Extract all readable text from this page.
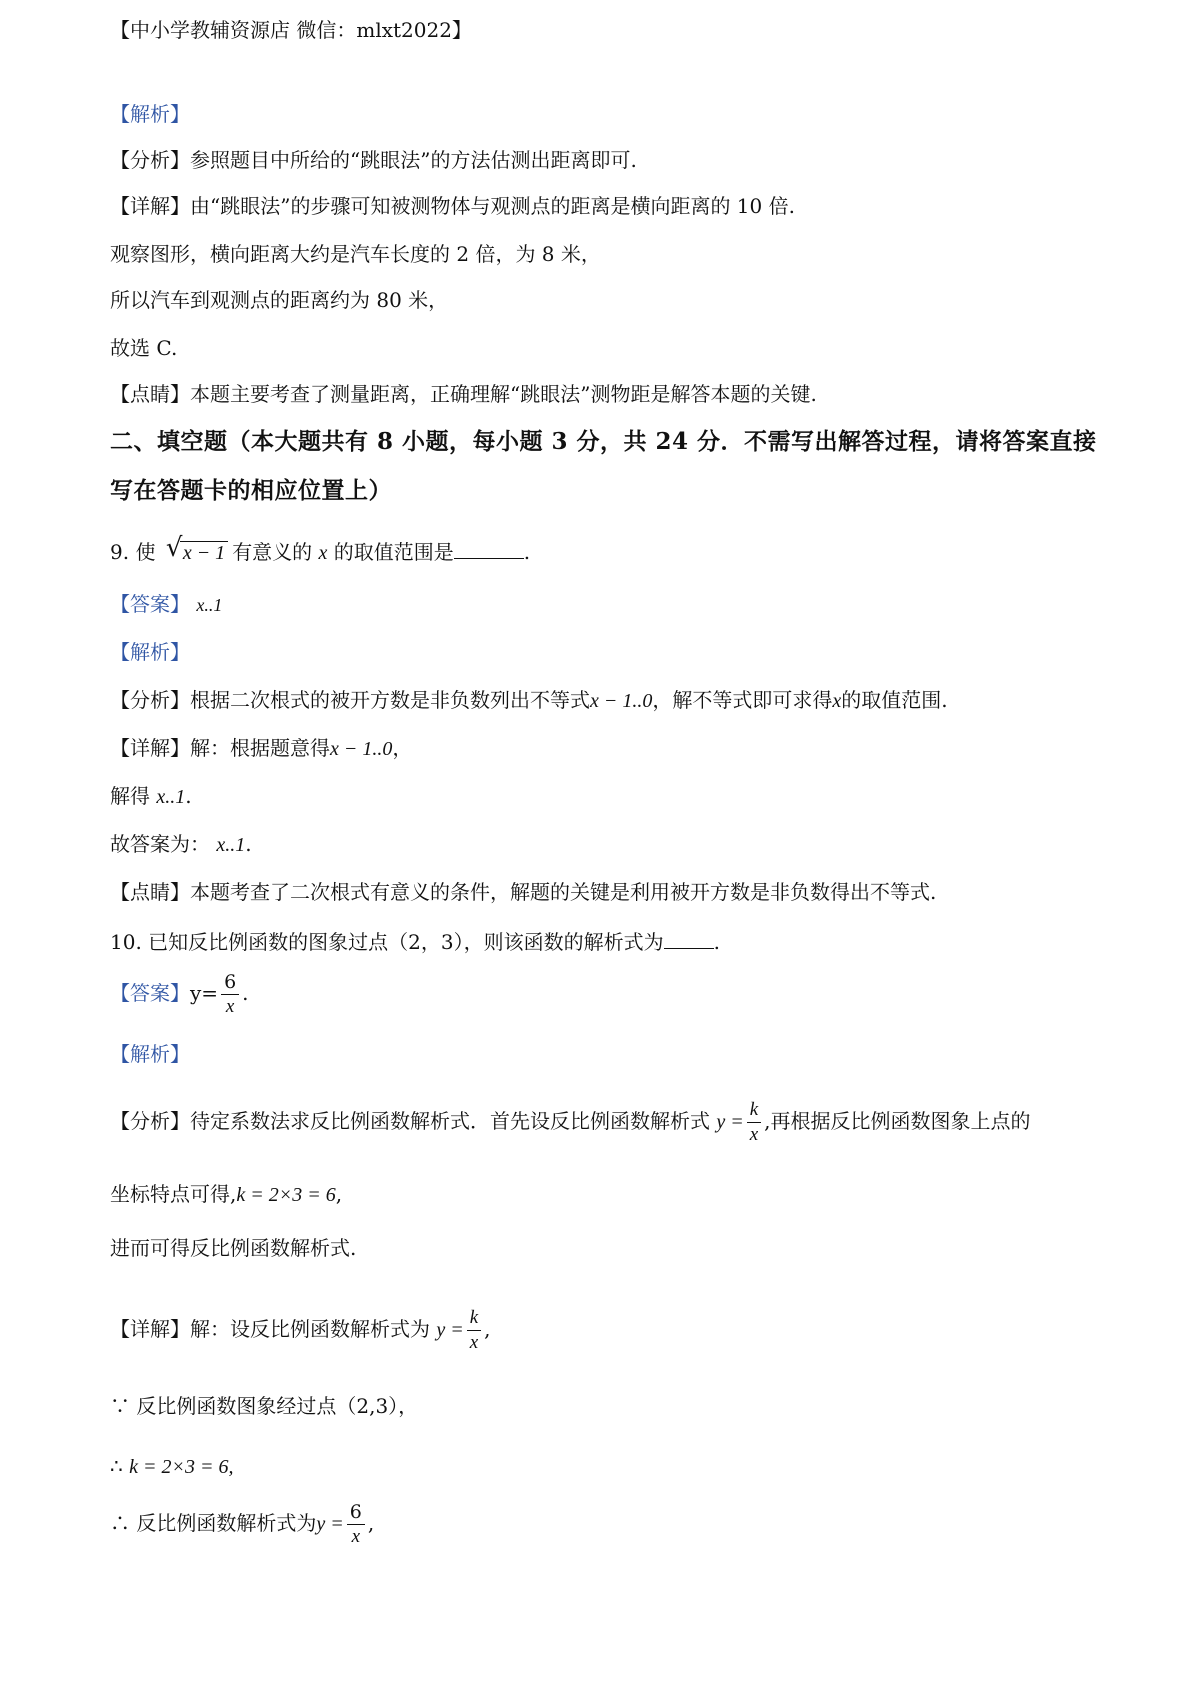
【中小学教辅资源店 微信：mlxt2022】
【解析】
【分析】参照题目中所给的“跳眼法”的方法估测出距离即可.
【详解】由“跳眼法”的步骤可知被测物体与观测点的距离是横向距离的 10 倍.
观察图形，横向距离大约是汽车长度的 2 倍，为 8 米，
所以汽车到观测点的距离约为 80 米，
故选 C.
【点睛】本题主要考查了测量距离，正确理解“跳眼法”测物距是解答本题的关键.
二、填空题（本大题共有 8 小题，每小题 3 分，共 24 分．不需写出解答过程，请将答案直接
写在答题卡的相应位置上）
9. 使 √ x − 1 有意义的 x 的取值范围是	.
【答案】 x..1
【解析】
【分析】根据二次根式的被开方数是非负数列出不等式x − 1..0，解不等式即可求得x的取值范围.
【详解】解：根据题意得x − 1..0，
解得 x..1.
故答案为： x..1.
【点睛】本题考查了二次根式有意义的条件，解题的关键是利用被开方数是非负数得出不等式.
10. 已知反比例函数的图象过点（2，3），则该函数的解析式为	.
【答案】$y= \frac{6}{x}$ .
【解析】
【分析】待定系数法求反比例函数解析式．首先设反比例函数解析式 $y = \frac{k}{x}$ ,再根据反比例函数图象上点的
坐标特点可得,k = 2×3 = 6,
进而可得反比例函数解析式.
【详解】解：设反比例函数解析式为 $y = \frac{k}{x}$ ,
∵ 反比例函数图象经过点（2,3），
∴ k = 2×3 = 6,
∴ 反比例函数解析式为$y = \frac{6}{x}$ ,
